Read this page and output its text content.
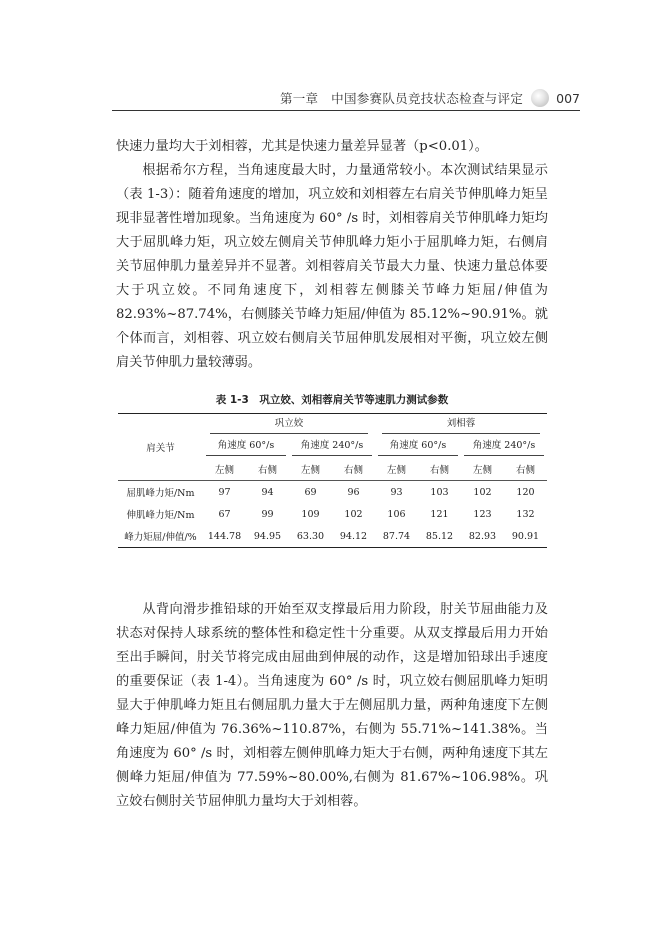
第一章　中国参赛队员竞技状态检查与评定	007

快速力量均大于刘相蓉，尤其是快速力量差异显著（p<0.01）。

根据希尔方程，当角速度最大时，力量通常较小。本次测试结果显示（表 1-3）：随着角速度的增加，巩立姣和刘相蓉左右肩关节伸肌峰力矩呈现非显著性增加现象。当角速度为 60° /s 时，刘相蓉肩关节伸肌峰力矩均大于屈肌峰力矩，巩立姣左侧肩关节伸肌峰力矩小于屈肌峰力矩，右侧肩关节屈伸肌力量差异并不显著。刘相蓉肩关节最大力量、快速力量总体要大于巩立姣。不同角速度下，刘相蓉左侧膝关节峰力矩屈/伸值为 82.93%~87.74%，右侧膝关节峰力矩屈/伸值为 85.12%~90.91%。就个体而言，刘相蓉、巩立姣右侧肩关节屈伸肌发展相对平衡，巩立姣左侧肩关节伸肌力量较薄弱。

表 1-3　巩立姣、刘相蓉肩关节等速肌力测试参数
肩关节	巩立姣				刘相蓉			
	角速度 60°/s		角速度 240°/s		角速度 60°/s		角速度 240°/s	
	左侧	右侧	左侧	右侧	左侧	右侧	左侧	右侧
屈肌峰力矩/Nm	97	94	69	96	93	103	102	120
伸肌峰力矩/Nm	67	99	109	102	106	121	123	132
峰力矩屈/伸值/%	144.78	94.95	63.30	94.12	87.74	85.12	82.93	90.91

从背向滑步推铅球的开始至双支撑最后用力阶段，肘关节屈曲能力及状态对保持人球系统的整体性和稳定性十分重要。从双支撑最后用力开始至出手瞬间，肘关节将完成由屈曲到伸展的动作，这是增加铅球出手速度的重要保证（表 1-4）。当角速度为 60° /s 时，巩立姣右侧屈肌峰力矩明显大于伸肌峰力矩且右侧屈肌力量大于左侧屈肌力量，两种角速度下左侧峰力矩屈/伸值为 76.36%~110.87%，右侧为 55.71%~141.38%。当角速度为 60° /s 时，刘相蓉左侧伸肌峰力矩大于右侧，两种角速度下其左侧峰力矩屈/伸值为 77.59%~80.00%,右侧为 81.67%~106.98%。巩立姣右侧肘关节屈伸肌力量均大于刘相蓉。
